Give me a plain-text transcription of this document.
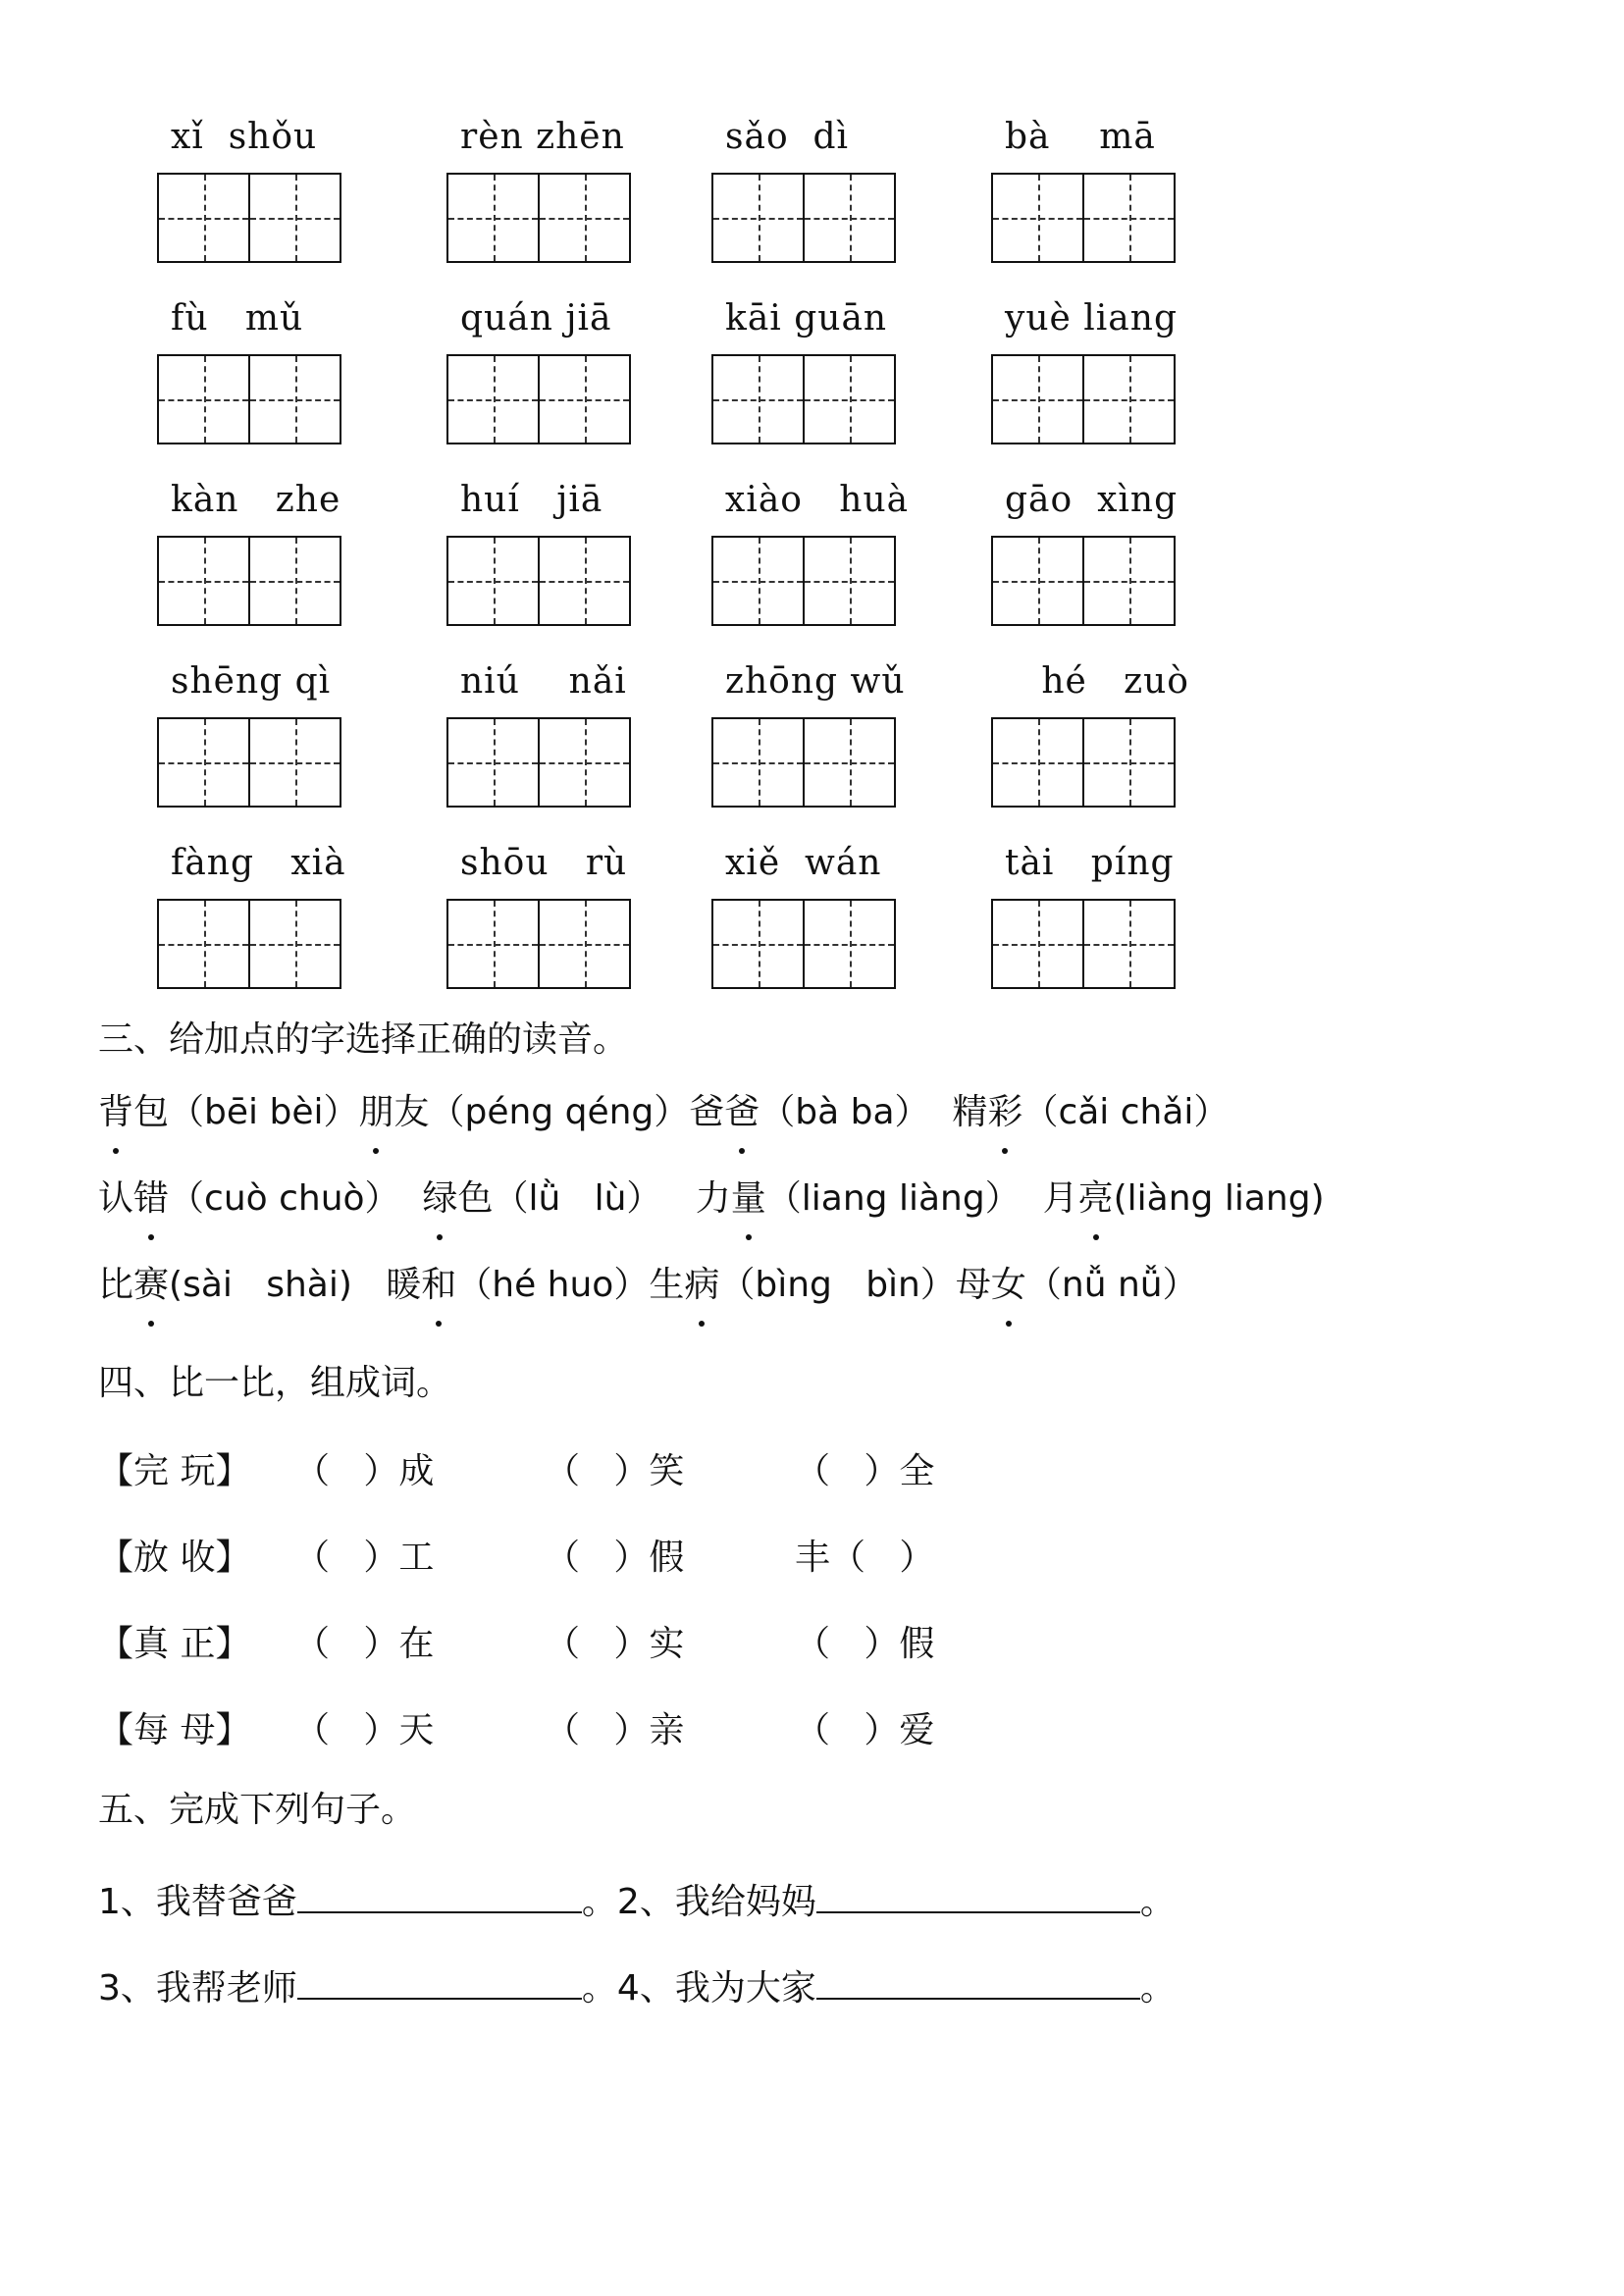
xǐ  shǒu	rèn zhēn	sǎo  dì	bà    mā
fù   mǔ	quán jiā	kāi guān	yuè liang
kàn   zhe	huí   jiā	xiào   huà	gāo  xìng
shēng qì	niú    nǎi	zhōng wǔ	hé   zuò
fàng   xià	shōu   rù	xiě  wán	tài   píng
三、给加点的字选择正确的读音。
背包（bēi bèi）朋友（péng qéng）爸爸（bà ba）  精彩（cǎi chǎi）
认错（cuò chuò）  绿色（lǜ   lù）   力量（liang liàng）  月亮(liàng liang)
比赛(sài   shài)   暖和（hé huo）生病（bìng   bìn）母女（nǚ nǚ）
四、比一比，组成词。
【完 玩】	（   ）成	（   ）笑	（   ）全
【放 收】	（   ）工	（   ）假	丰（   ）
【真 正】	（   ）在	（   ）实	（   ）假
【每 母】	（   ）天	（   ）亲	（   ）爱
五、完成下列句子。
1、我替爸爸	。2、我给妈妈	。
3、我帮老师	。4、我为大家	。
